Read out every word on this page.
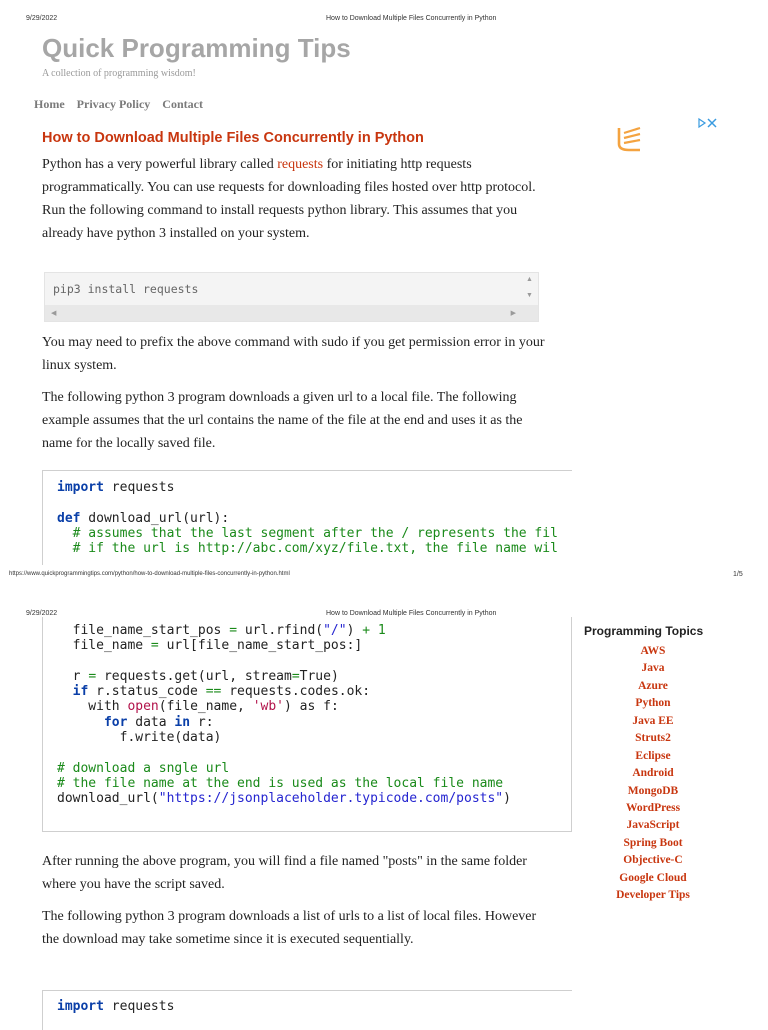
9/29/2022	How to Download Multiple Files Concurrently in Python
Quick Programming Tips
A collection of programming wisdom!
Home Privacy Policy Contact
How to Download Multiple Files Concurrently in Python

Python has a very powerful library called requests for initiating http requests programmatically. You can use requests for downloading files hosted over http protocol. Run the following command to install requests python library. This assumes that you already have python 3 installed on your system.

pip3 install requests
▲
▼
◀	▶

You may need to prefix the above command with sudo if you get permission error in your linux system.

The following python 3 program downloads a given url to a local file. The following example assumes that the url contains the name of the file at the end and uses it as the name for the locally saved file.

import requests

def download_url(url):
# assumes that the last segment after the / represents the fil
# if the url is http://abc.com/xyz/file.txt, the file name wil
https://www.quickprogrammingtips.com/python/how-to-download-multiple-files-concurrently-in-python.html	1/5
9/29/2022	How to Download Multiple Files Concurrently in Python
file_name_start_pos = url.rfind("/") + 1
file_name = url[file_name_start_pos:]

r = requests.get(url, stream=True)
if r.status_code == requests.codes.ok:
with open(file_name, 'wb') as f:
for data in r:
f.write(data)

# download a sngle url
# the file name at the end is used as the local file name
download_url("https://jsonplaceholder.typicode.com/posts")

After running the above program, you will find a file named "posts" in the same folder where you have the script saved.

The following python 3 program downloads a list of urls to a list of local files. However the download may take sometime since it is executed sequentially.

import requests
Programming Topics
AWS
Java
Azure
Python
Java EE
Struts2
Eclipse
Android
MongoDB
WordPress
JavaScript
Spring Boot
Objective-C
Google Cloud
Developer Tips
